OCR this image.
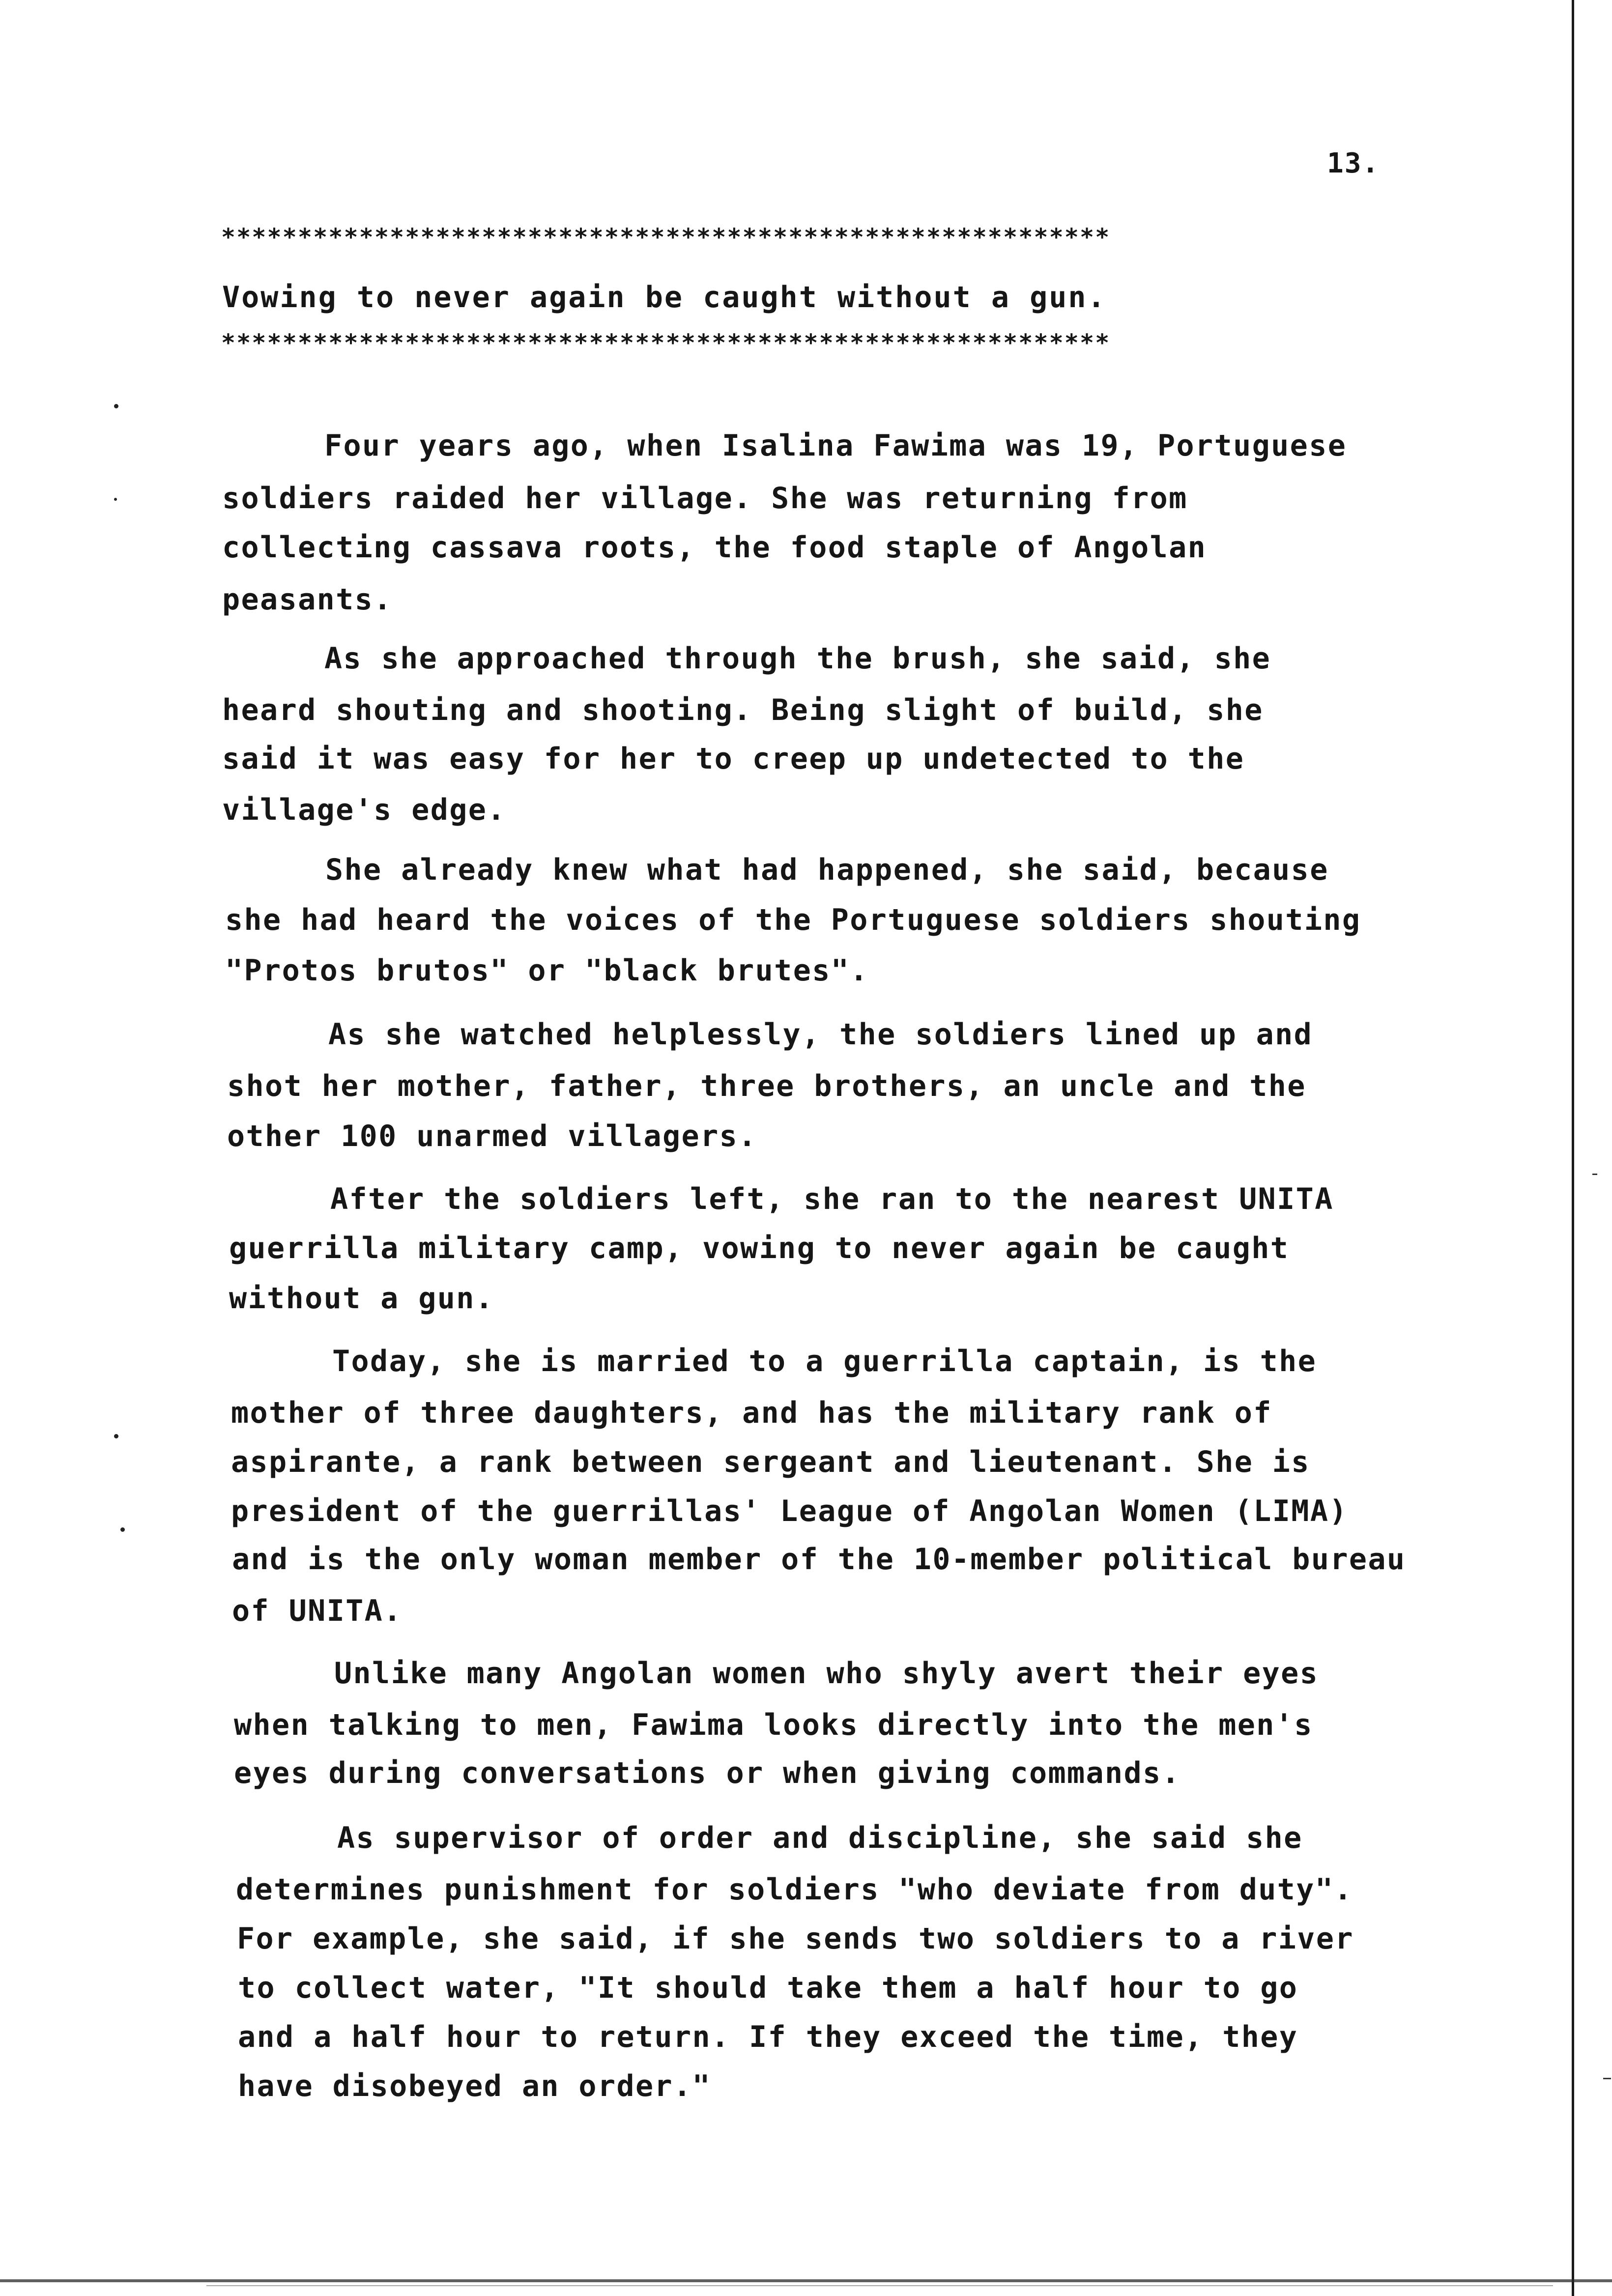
13.
**********************************************************
Vowing to never again be caught without a gun.
**********************************************************
Four years ago, when Isalina Fawima was 19, Portuguese
soldiers raided her village. She was returning from
collecting cassava roots, the food staple of Angolan
peasants.
As she approached through the brush, she said, she
heard shouting and shooting. Being slight of build, she
said it was easy for her to creep up undetected to the
village's edge.
She already knew what had happened, she said, because
she had heard the voices of the Portuguese soldiers shouting
"Protos brutos" or "black brutes".
As she watched helplessly, the soldiers lined up and
shot her mother, father, three brothers, an uncle and the
other 100 unarmed villagers.
After the soldiers left, she ran to the nearest UNITA
guerrilla military camp, vowing to never again be caught
without a gun.
Today, she is married to a guerrilla captain, is the
mother of three daughters, and has the military rank of
aspirante, a rank between sergeant and lieutenant. She is
president of the guerrillas' League of Angolan Women (LIMA)
and is the only woman member of the 10-member political bureau
of UNITA.
Unlike many Angolan women who shyly avert their eyes
when talking to men, Fawima looks directly into the men's
eyes during conversations or when giving commands.
As supervisor of order and discipline, she said she
determines punishment for soldiers "who deviate from duty".
For example, she said, if she sends two soldiers to a river
to collect water, "It should take them a half hour to go
and a half hour to return. If they exceed the time, they
have disobeyed an order."
